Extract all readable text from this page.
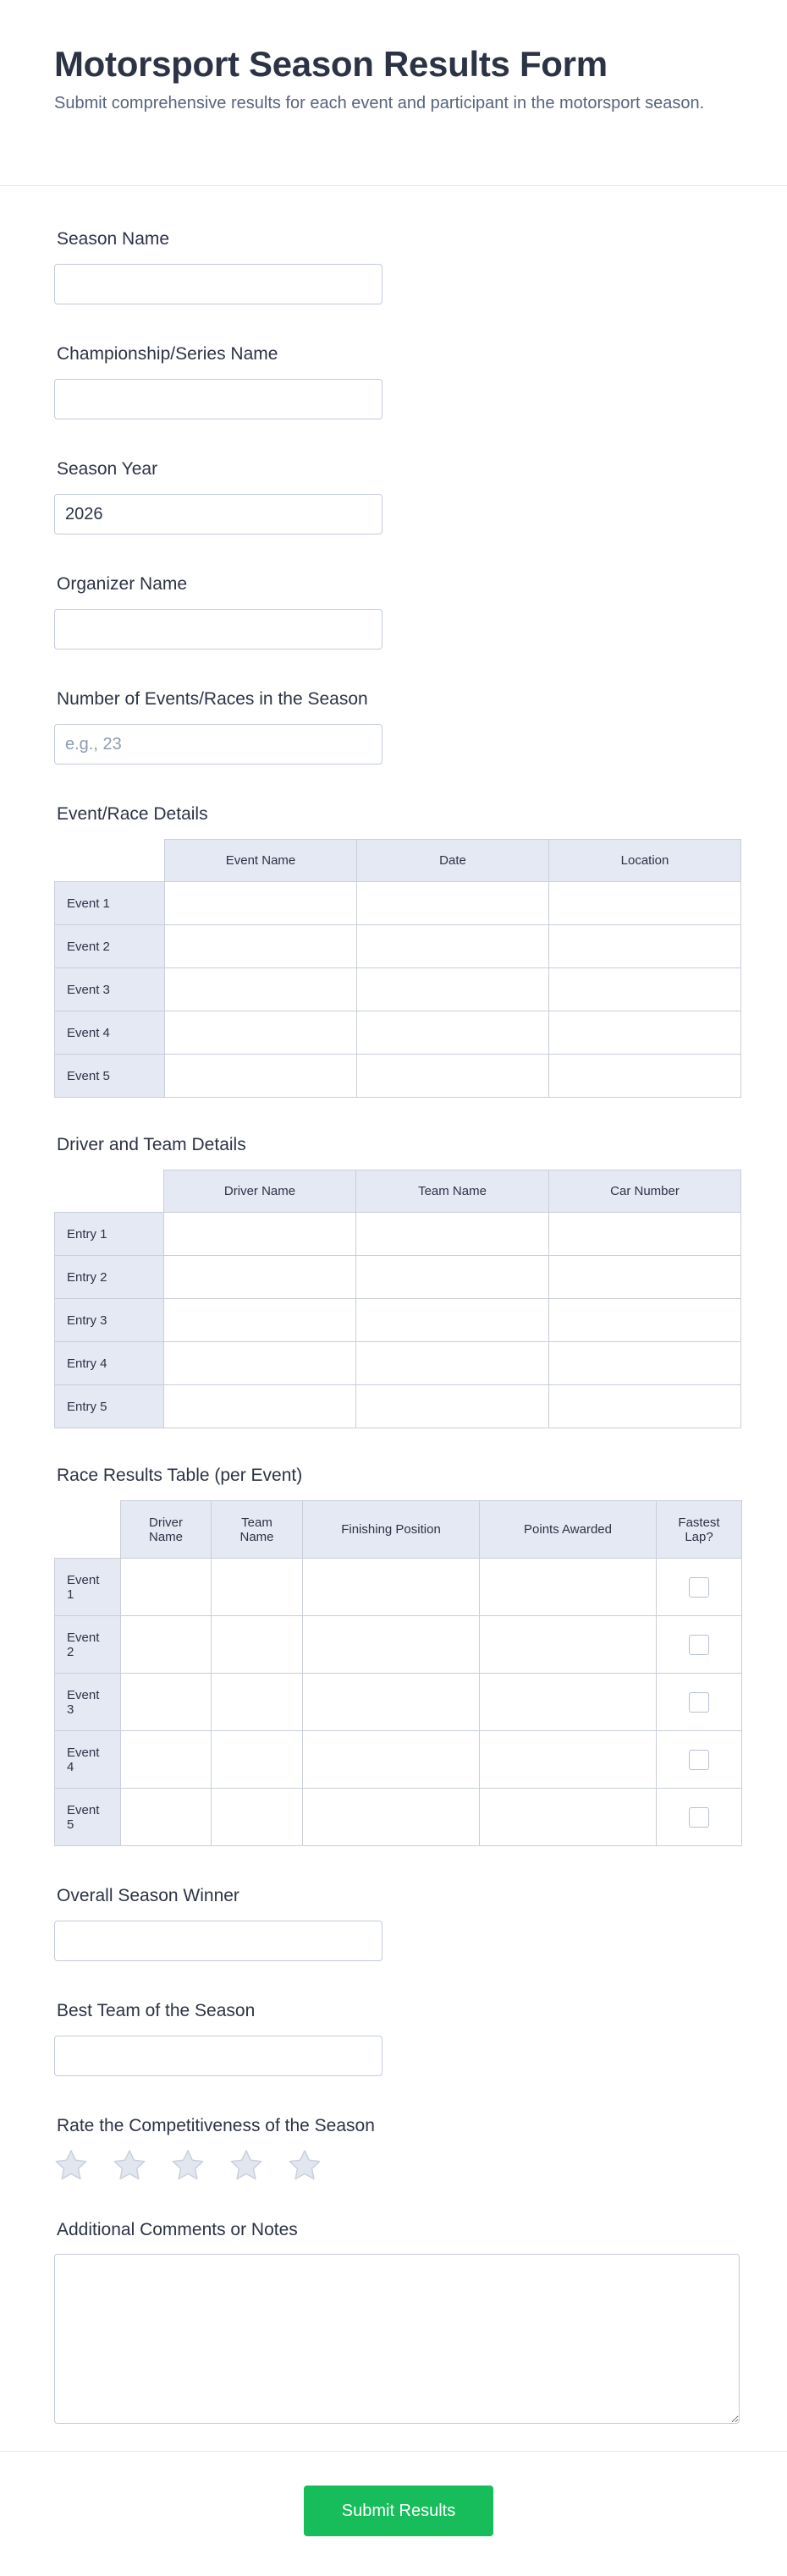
Motorsport Season Results Form

Submit comprehensive results for each event and participant in the motorsport season.

Season Name
Championship/Series Name
Season Year
2026
Organizer Name
Number of Events/Races in the Season
e.g., 23
Event/Race Details
	Event Name	Date	Location
Event 1			
Event 2			
Event 3			
Event 4			
Event 5			
Driver and Team Details
	Driver Name	Team Name	Car Number
Entry 1			
Entry 2			
Entry 3			
Entry 4			
Entry 5			
Race Results Table (per Event)
	Driver Name	Team Name	Finishing Position	Points Awarded	Fastest Lap?
Event 1					
Event 2					
Event 3					
Event 4					
Event 5					
Overall Season Winner
Best Team of the Season
Rate the Competitiveness of the Season
Additional Comments or Notes
Submit Results
